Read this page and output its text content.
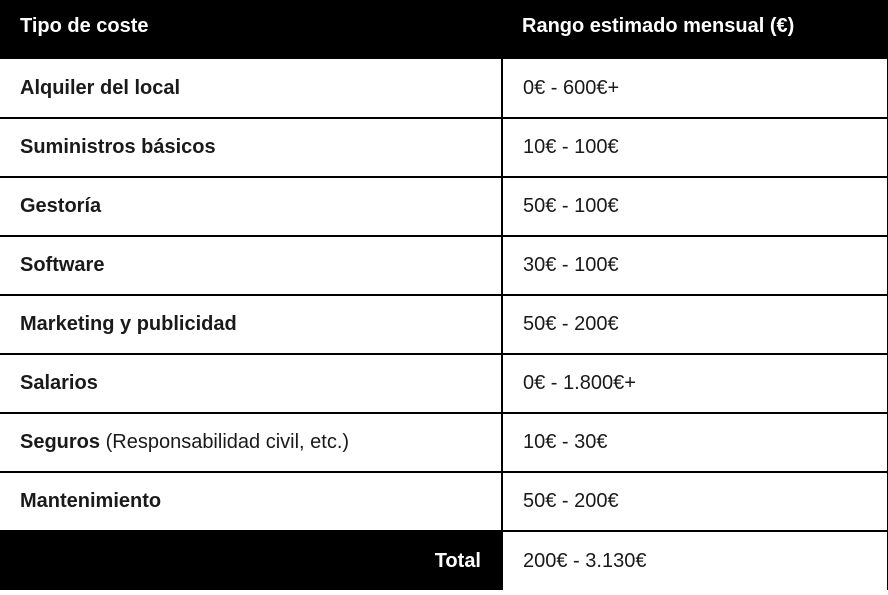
Tipo de coste	Rango estimado mensual (€)
Alquiler del local	0€ - 600€+
Suministros básicos	10€ - 100€
Gestoría	50€ - 100€
Software	30€ - 100€
Marketing y publicidad	50€ - 200€
Salarios	0€ - 1.800€+
Seguros (Responsabilidad civil, etc.)	10€ - 30€
Mantenimiento	50€ - 200€
Total	200€ - 3.130€
